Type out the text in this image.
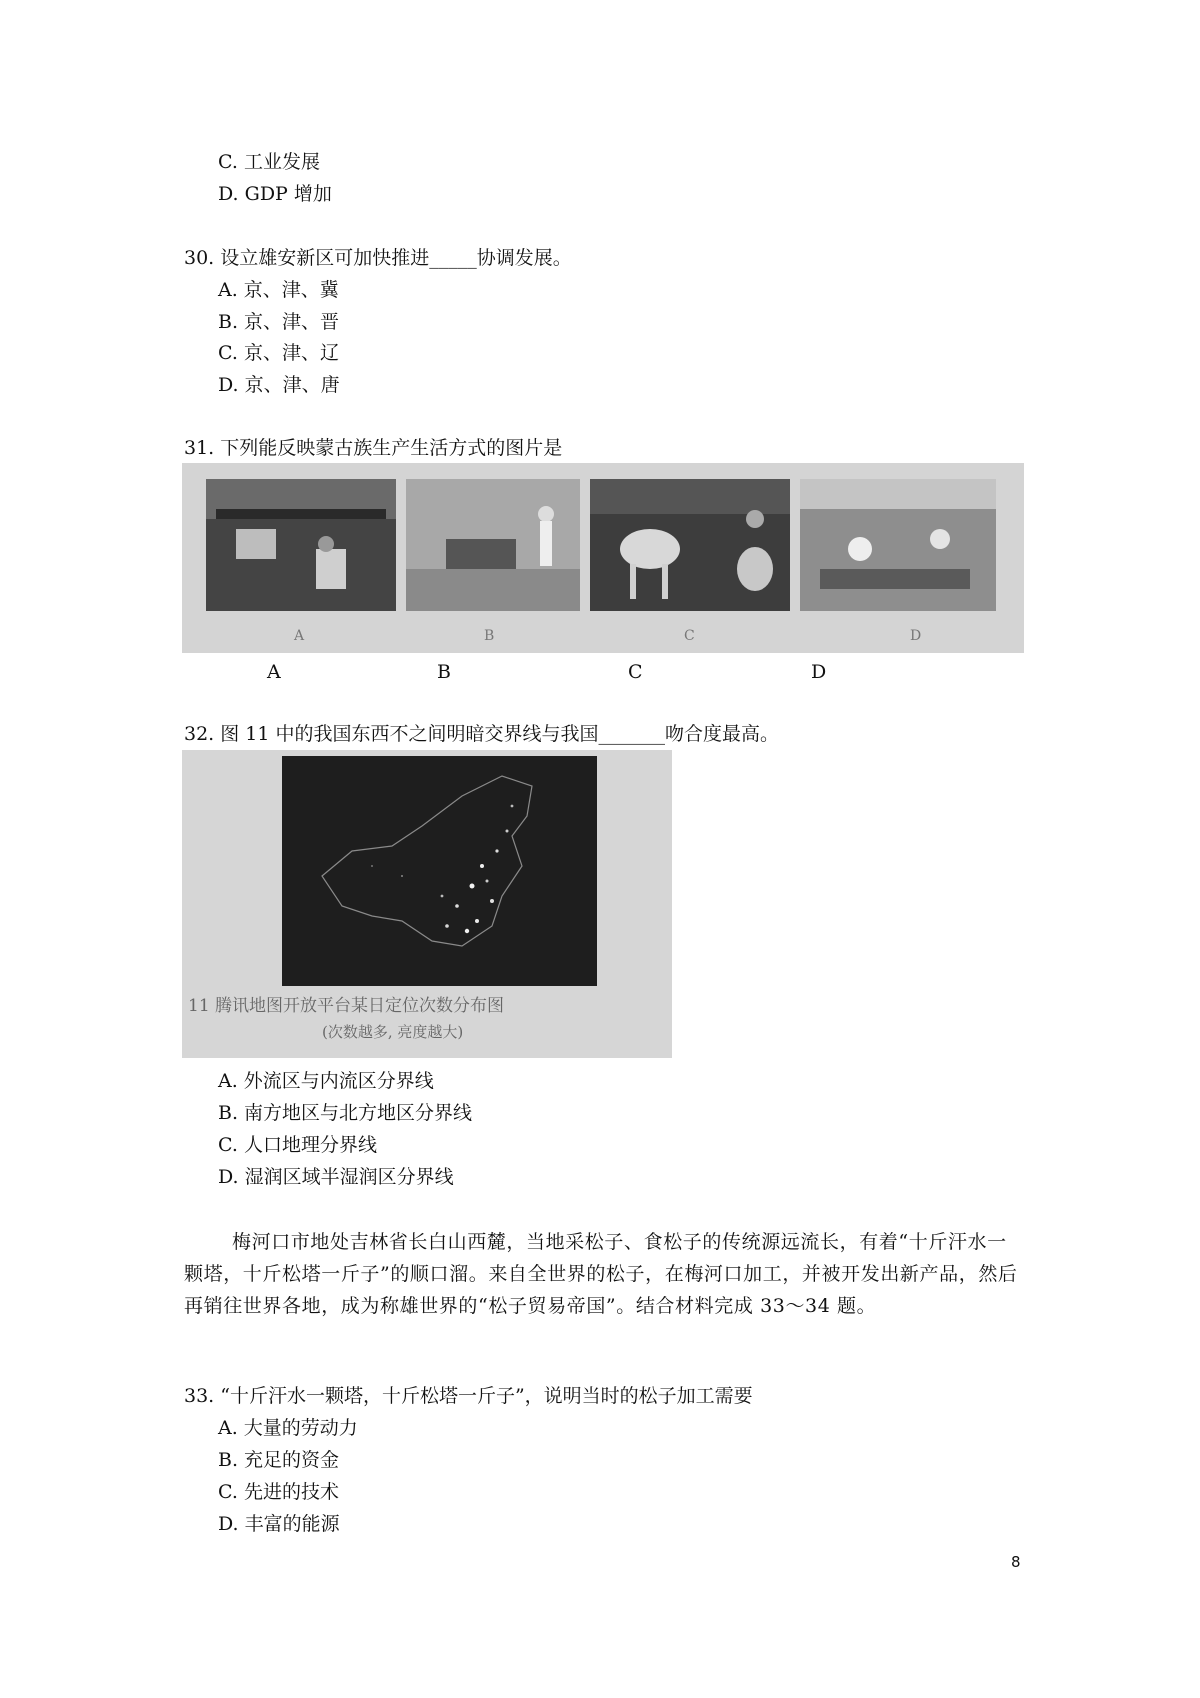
C. 工业发展
D. GDP 增加
30. 设立雄安新区可加快推进_____协调发展。
A. 京、津、冀
B. 京、津、晋
C. 京、津、辽
D. 京、津、唐
31. 下列能反映蒙古族生产生活方式的图片是
A	B	C	D
A	B	C	D
32. 图 11 中的我国东西不之间明暗交界线与我国_______吻合度最高。
11 腾讯地图开放平台某日定位次数分布图
(次数越多, 亮度越大)
A. 外流区与内流区分界线
B. 南方地区与北方地区分界线
C. 人口地理分界线
D. 湿润区域半湿润区分界线
梅河口市地处吉林省长白山西麓，当地采松子、食松子的传统源远流长，有着“十斤汗水一颗塔，十斤松塔一斤子”的顺口溜。来自全世界的松子，在梅河口加工，并被开发出新产品，然后再销往世界各地，成为称雄世界的“松子贸易帝国”。结合材料完成 33～34 题。
33. “十斤汗水一颗塔，十斤松塔一斤子”，说明当时的松子加工需要
A. 大量的劳动力
B. 充足的资金
C. 先进的技术
D. 丰富的能源
8
